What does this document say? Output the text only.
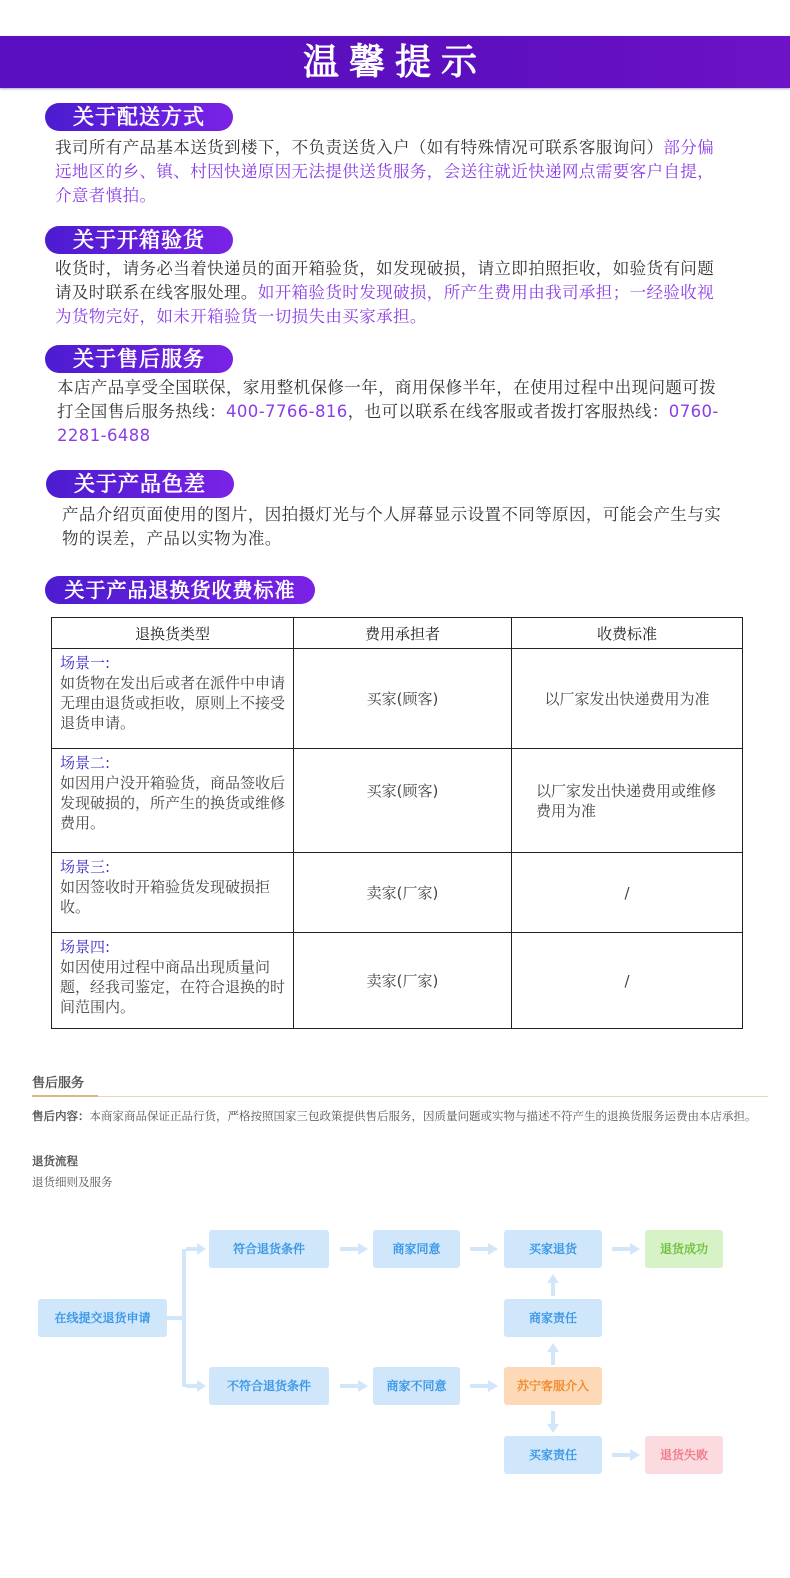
温馨提示
关于配送方式
我司所有产品基本送货到楼下，不负责送货入户（如有特殊情况可联系客服询问）部分偏远地区的乡、镇、村因快递原因无法提供送货服务，会送往就近快递网点需要客户自提，介意者慎拍。
关于开箱验货
收货时，请务必当着快递员的面开箱验货，如发现破损，请立即拍照拒收，如验货有问题请及时联系在线客服处理。如开箱验货时发现破损，所产生费用由我司承担；一经验收视为货物完好，如未开箱验货一切损失由买家承担。
关于售后服务
本店产品享受全国联保，家用整机保修一年，商用保修半年，在使用过程中出现问题可拨打全国售后服务热线：400-7766-816，也可以联系在线客服或者拨打客服热线：0760-2281-6488
关于产品色差
产品介绍页面使用的图片，因拍摄灯光与个人屏幕显示设置不同等原因，可能会产生与实物的误差，产品以实物为准。
关于产品退换货收费标准
退换货类型	费用承担者	收费标准

场景一:
如货物在发出后或者在派件中申请无理由退货或拒收，原则上不接受退货申请。	买家(顾客)	以厂家发出快递费用为准

场景二:
如因用户没开箱验货，商品签收后发现破损的，所产生的换货或维修费用。	买家(顾客)	以厂家发出快递费用或维修费用为准

场景三:
如因签收时开箱验货发现破损拒收。	卖家(厂家)	/

场景四:
如因使用过程中商品出现质量问题，经我司鉴定，在符合退换的时间范围内。	卖家(厂家)	/
售后服务
售后内容：本商家商品保证正品行货，严格按照国家三包政策提供售后服务，因质量问题或实物与描述不符产生的退换货服务运费由本店承担。
退货流程
退货细则及服务
在线提交退货申请
符合退货条件	商家同意	买家退货	退货成功
商家责任
不符合退货条件	商家不同意	苏宁客服介入
买家责任	退货失败
